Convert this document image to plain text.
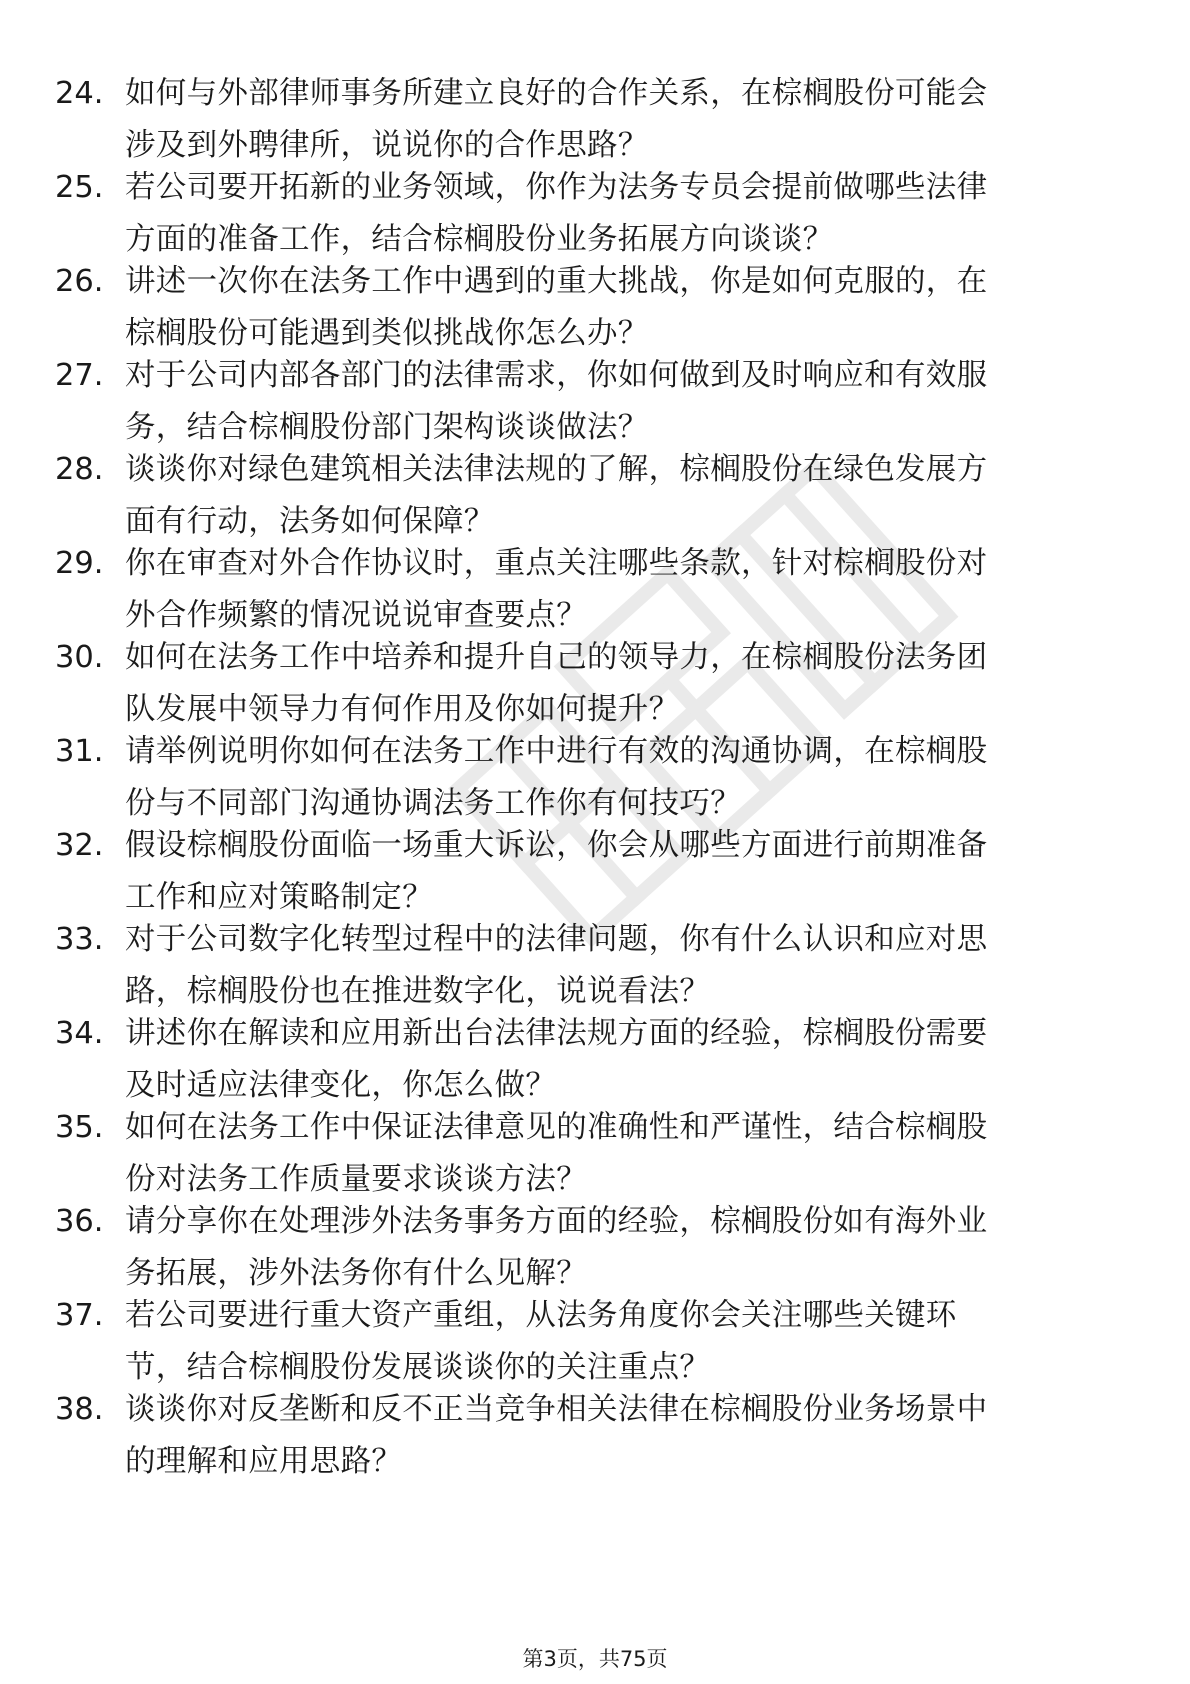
24. 如何与外部律师事务所建立良好的合作关系，在棕榈股份可能会
涉及到外聘律所，说说你的合作思路？
25. 若公司要开拓新的业务领域，你作为法务专员会提前做哪些法律
方面的准备工作，结合棕榈股份业务拓展方向谈谈？
26. 讲述一次你在法务工作中遇到的重大挑战，你是如何克服的，在
棕榈股份可能遇到类似挑战你怎么办？
27. 对于公司内部各部门的法律需求，你如何做到及时响应和有效服
务，结合棕榈股份部门架构谈谈做法？
28. 谈谈你对绿色建筑相关法律法规的了解，棕榈股份在绿色发展方
面有行动，法务如何保障？
29. 你在审查对外合作协议时，重点关注哪些条款，针对棕榈股份对
外合作频繁的情况说说审查要点？
30. 如何在法务工作中培养和提升自己的领导力，在棕榈股份法务团
队发展中领导力有何作用及你如何提升？
31. 请举例说明你如何在法务工作中进行有效的沟通协调，在棕榈股
份与不同部门沟通协调法务工作你有何技巧？
32. 假设棕榈股份面临一场重大诉讼，你会从哪些方面进行前期准备
工作和应对策略制定？
33. 对于公司数字化转型过程中的法律问题，你有什么认识和应对思
路，棕榈股份也在推进数字化，说说看法？
34. 讲述你在解读和应用新出台法律法规方面的经验，棕榈股份需要
及时适应法律变化，你怎么做？
35. 如何在法务工作中保证法律意见的准确性和严谨性，结合棕榈股
份对法务工作质量要求谈谈方法？
36. 请分享你在处理涉外法务事务方面的经验，棕榈股份如有海外业
务拓展，涉外法务你有什么见解？
37. 若公司要进行重大资产重组，从法务角度你会关注哪些关键环
节，结合棕榈股份发展谈谈你的关注重点？
38. 谈谈你对反垄断和反不正当竞争相关法律在棕榈股份业务场景中
的理解和应用思路？
第3页，共75页
